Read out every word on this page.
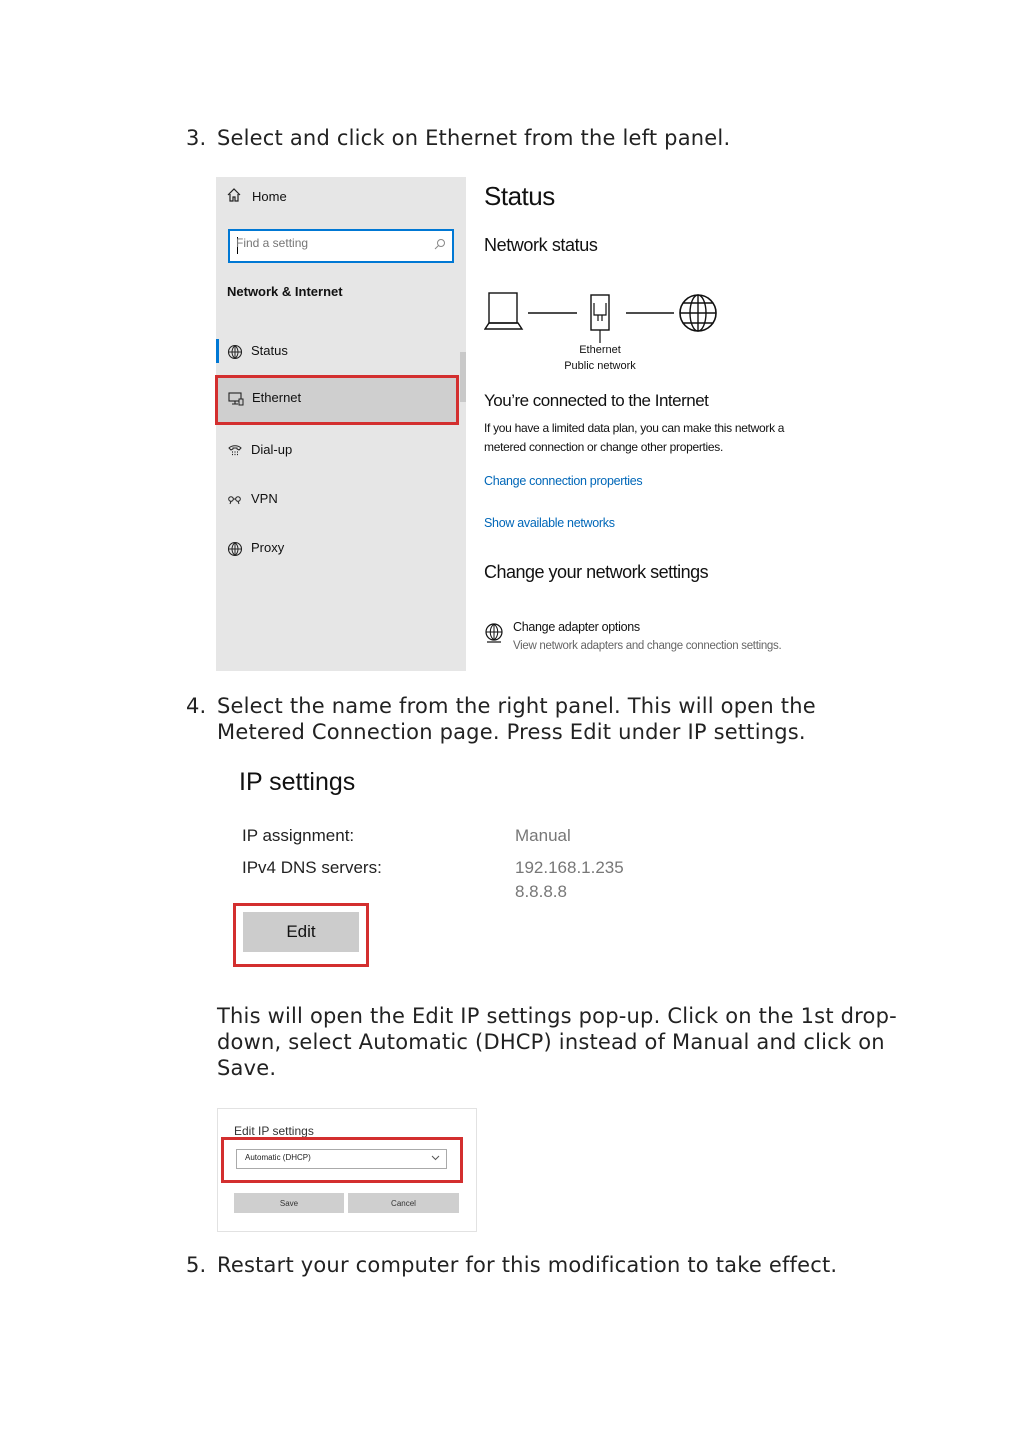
3. Select and click on Ethernet from the left panel.
Home
Find a setting
Network & Internet
Status
Ethernet
Dial-up
VPN
Proxy
Status
Network status
Ethernet
Public network
You’re connected to the Internet
If you have a limited data plan, you can make this network a metered connection or change other properties.
Change connection properties
Show available networks
Change your network settings
Change adapter options
View network adapters and change connection settings.
4. Select the name from the right panel. This will open the Metered Connection page. Press Edit under IP settings.
IP settings
IP assignment:	Manual
IPv4 DNS servers:	192.168.1.235
8.8.8.8
Edit
This will open the Edit IP settings pop-up. Click on the 1st drop-down, select Automatic (DHCP) instead of Manual and click on Save.
Edit IP settings
Automatic (DHCP)
Save	Cancel
5. Restart your computer for this modification to take effect.
